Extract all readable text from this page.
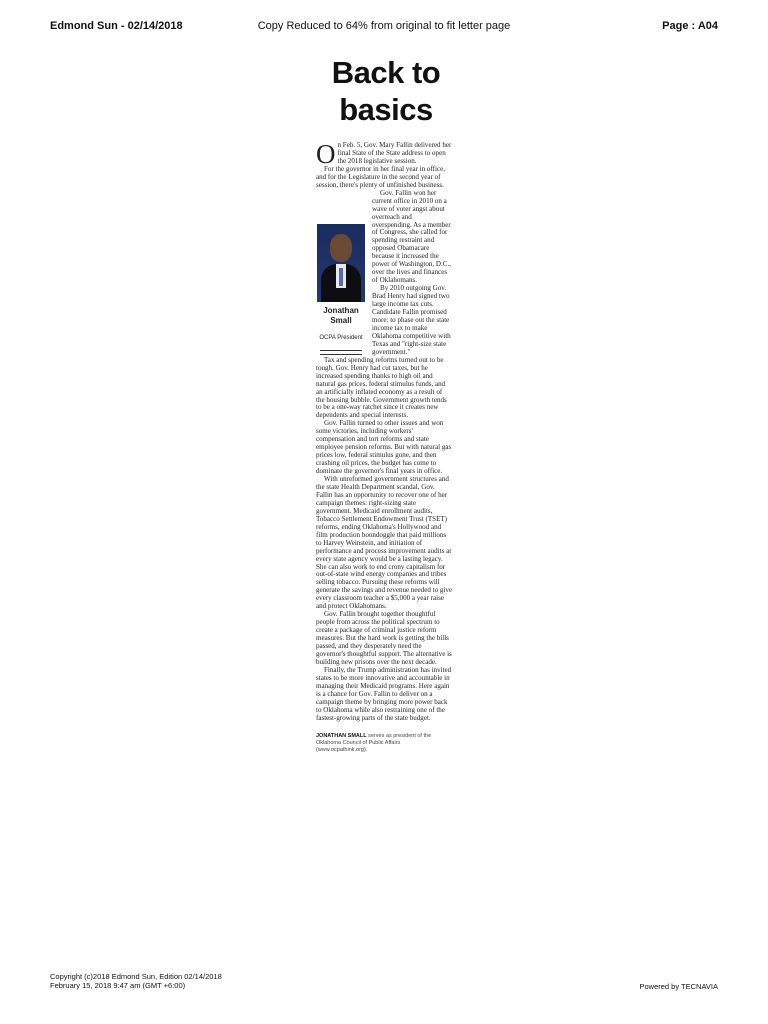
Edmond Sun - 02/14/2018	Copy Reduced to 64% from original to fit letter page	Page : A04
Back to
basics

On Feb. 5, Gov. Mary Fallin delivered her final State of the State address to open the 2018 legislative session.

For the governor in her final year in office, and for the Legislature in the second year of session, there's plenty of unfinished business.

Jonathan Small
OCPA President

Gov. Fallin won her current office in 2010 on a wave of voter angst about overreach and overspending. As a member of Congress, she called for spending restraint and opposed Obamacare because it increased the power of Washington, D.C., over the lives and finances of Oklahomans.

By 2010 outgoing Gov. Brad Henry had signed two large income tax cuts. Candidate Fallin promised more: to phase out the state income tax to make Oklahoma competitive with Texas and "right-size state government."

Tax and spending reforms turned out to be tough. Gov. Henry had cut taxes, but he increased spending thanks to high oil and natural gas prices, federal stimulus funds, and an artificially inflated economy as a result of the housing bubble. Government growth tends to be a one-way ratchet since it creates new dependents and special interests.

Gov. Fallin turned to other issues and won some victories, including workers' compensation and tort reforms and state employee pension reforms. But with natural gas prices low, federal stimulus gone, and then crashing oil prices, the budget has come to dominate the governor's final years in office.

With unreformed government structures and the state Health Department scandal, Gov. Fallin has an opportunity to recover one of her campaign themes: right-sizing state government. Medicaid enrollment audits, Tobacco Settlement Endowment Trust (TSET) reforms, ending Oklahoma's Hollywood and film production boondoggle that paid millions to Harvey Weinstein, and initiation of performance and process improvement audits at every state agency would be a lasting legacy. She can also work to end crony capitalism for out-of-state wind energy companies and tribes selling tobacco. Pursuing these reforms will generate the savings and revenue needed to give every classroom teacher a $5,000 a year raise and protect Oklahomans.

Gov. Fallin brought together thoughtful people from across the political spectrum to create a package of criminal justice reform measures. But the hard work is getting the bills passed, and they desperately need the governor's thoughtful support. The alternative is building new prisons over the next decade.

Finally, the Trump administration has invited states to be more innovative and accountable in managing their Medicaid programs. Here again is a chance for Gov. Fallin to deliver on a campaign theme by bringing more power back to Oklahoma while also restraining one of the fastest-growing parts of the state budget.

JONATHAN SMALL serves as president of the Oklahoma Council of Public Affairs (www.ocpathink.org).
Copyright (c)2018 Edmond Sun, Edition 02/14/2018
February 15, 2018 9:47 am (GMT +6:00)	Powered by TECNAVIA
